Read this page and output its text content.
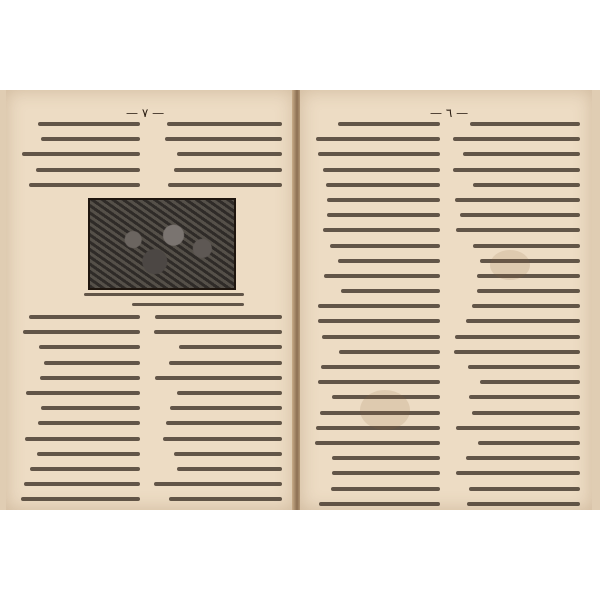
— ٧ —	— ٦ —
